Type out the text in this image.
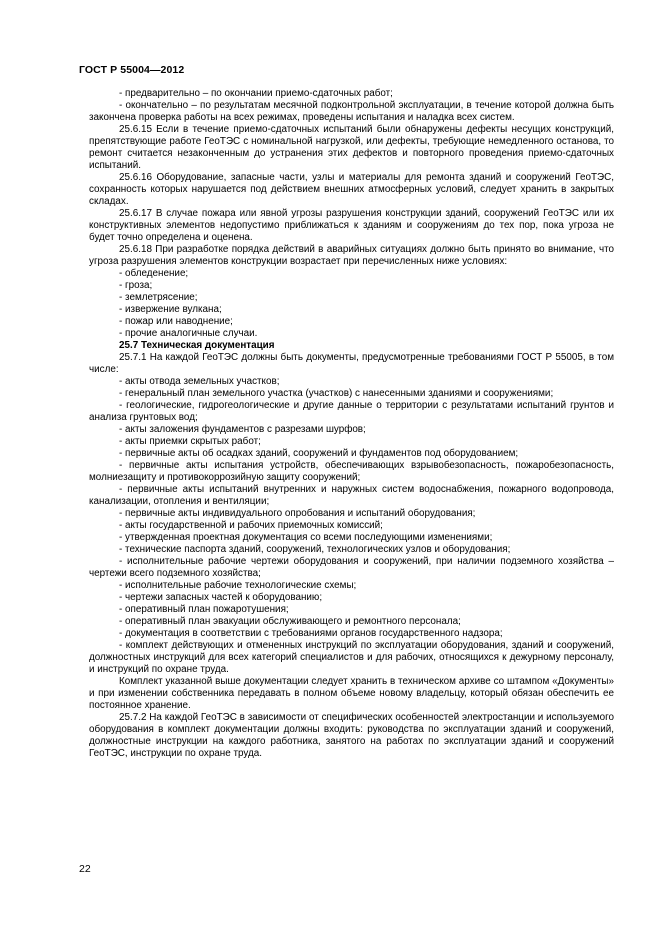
ГОСТ Р 55004—2012

- предварительно – по окончании приемо-сдаточных работ;

- окончательно – по результатам месячной подконтрольной эксплуатации, в течение которой должна быть закончена проверка работы на всех режимах, проведены испытания и наладка всех систем.

25.6.15 Если в течение приемо-сдаточных испытаний были обнаружены дефекты несущих конструкций, препятствующие работе ГеоТЭС с номинальной нагрузкой, или дефекты, требующие немедленного останова, то ремонт считается незаконченным до устранения этих дефектов и повторного проведения приемо-сдаточных испытаний.

25.6.16 Оборудование, запасные части, узлы и материалы для ремонта зданий и сооружений ГеоТЭС, сохранность которых нарушается под действием внешних атмосферных условий, следует хранить в закрытых складах.

25.6.17 В случае пожара или явной угрозы разрушения конструкции зданий, сооружений ГеоТЭС или их конструктивных элементов недопустимо приближаться к зданиям и сооружениям до тех пор, пока угроза не будет точно определена и оценена.

25.6.18 При разработке порядка действий в аварийных ситуациях должно быть принято во внимание, что угроза разрушения элементов конструкции возрастает при перечисленных ниже условиях:

- обледенение;

- гроза;

- землетрясение;

- извержение вулкана;

- пожар или наводнение;

- прочие аналогичные случаи.

25.7 Техническая документация

25.7.1 На каждой ГеоТЭС должны быть документы, предусмотренные требованиями ГОСТ Р 55005, в том числе:

- акты отвода земельных участков;

- генеральный план земельного участка (участков) с нанесенными зданиями и сооружениями;

- геологические, гидрогеологические и другие данные о территории с результатами испытаний грунтов и анализа грунтовых вод;

- акты заложения фундаментов с разрезами шурфов;

- акты приемки скрытых работ;

- первичные акты об осадках зданий, сооружений и фундаментов под оборудованием;

- первичные акты испытания устройств, обеспечивающих взрывобезопасность, пожаробезопасность, молниезащиту и противокоррозийную защиту сооружений;

- первичные акты испытаний внутренних и наружных систем водоснабжения, пожарного водопровода, канализации, отопления и вентиляции;

- первичные акты индивидуального опробования и испытаний оборудования;

- акты государственной и рабочих приемочных комиссий;

- утвержденная проектная документация со всеми последующими изменениями;

- технические паспорта зданий, сооружений, технологических узлов и оборудования;

- исполнительные рабочие чертежи оборудования и сооружений, при наличии подземного хозяйства – чертежи всего подземного хозяйства;

- исполнительные рабочие технологические схемы;

- чертежи запасных частей к оборудованию;

- оперативный план пожаротушения;

- оперативный план эвакуации обслуживающего и ремонтного персонала;

- документация в соответствии с требованиями органов государственного надзора;

- комплект действующих и отмененных инструкций по эксплуатации оборудования, зданий и сооружений, должностных инструкций для всех категорий специалистов и для рабочих, относящихся к дежурному персоналу, и инструкций по охране труда.

Комплект указанной выше документации следует хранить в техническом архиве со штампом «Документы» и при изменении собственника передавать в полном объеме новому владельцу, который обязан обеспечить ее постоянное хранение.

25.7.2 На каждой ГеоТЭС в зависимости от специфических особенностей электростанции и используемого оборудования в комплект документации должны входить: руководства по эксплуатации зданий и сооружений, должностные инструкции на каждого работника, занятого на работах по эксплуатации зданий и сооружений ГеоТЭС, инструкции по охране труда.

22
